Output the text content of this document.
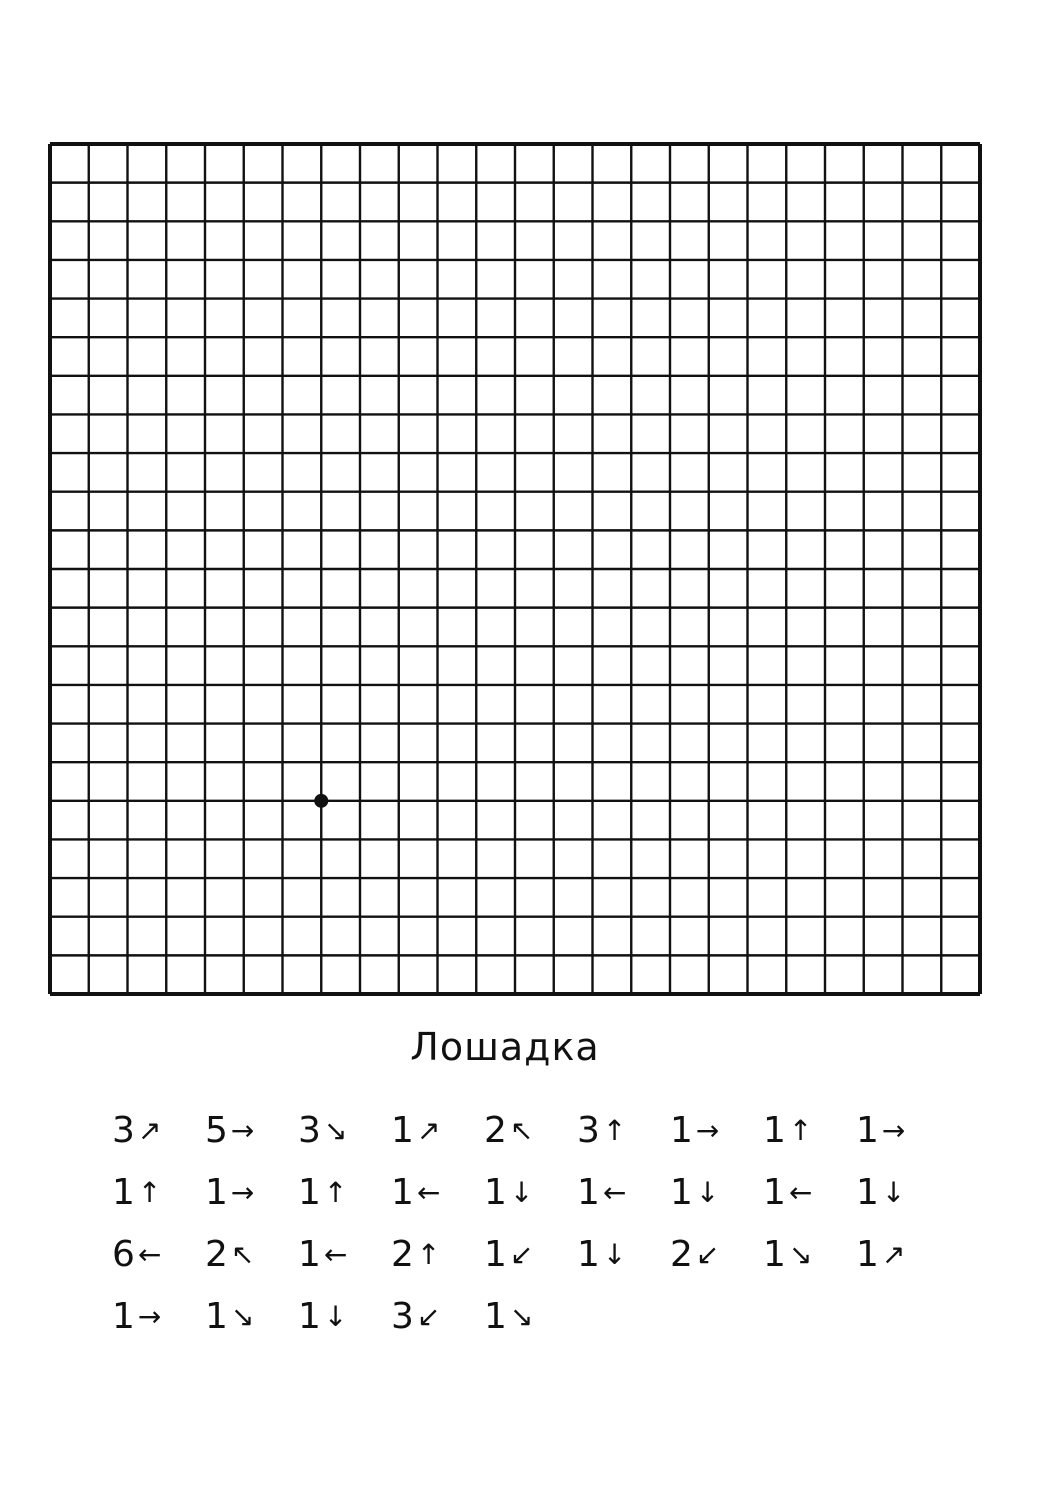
Лошадка
3 ↗ 5 → 3 ↘ 1 ↗ 2 ↖ 3 ↑ 1 → 1 ↑ 1 →
1 ↑ 1 → 1 ↑ 1 ← 1 ↓ 1 ← 1 ↓ 1 ← 1 ↓
6 ← 2 ↖ 1 ← 2 ↑ 1 ↙ 1 ↓ 2 ↙ 1 ↘ 1 ↗
1 → 1 ↘ 1 ↓ 3 ↙ 1 ↘
